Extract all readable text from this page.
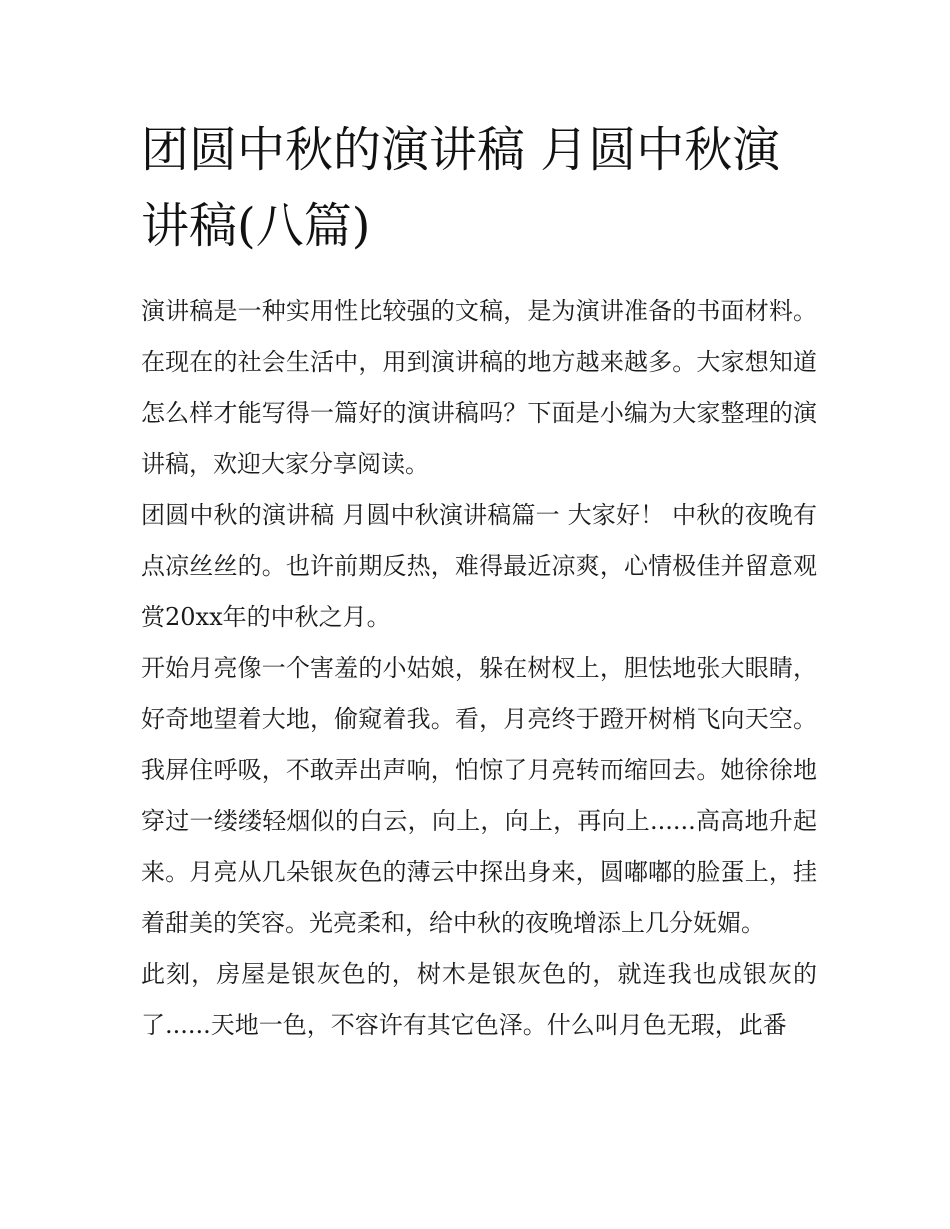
团圆中秋的演讲稿 月圆中秋演讲稿(八篇)

演讲稿是一种实用性比较强的文稿，是为演讲准备的书面材料。在现在的社会生活中，用到演讲稿的地方越来越多。大家想知道怎么样才能写得一篇好的演讲稿吗？下面是小编为大家整理的演讲稿，欢迎大家分享阅读。

团圆中秋的演讲稿 月圆中秋演讲稿篇一 大家好！ 中秋的夜晚有点凉丝丝的。也许前期反热，难得最近凉爽，心情极佳并留意观赏20xx年的中秋之月。

开始月亮像一个害羞的小姑娘，躲在树杈上，胆怯地张大眼睛，好奇地望着大地，偷窥着我。看，月亮终于蹬开树梢飞向天空。我屏住呼吸，不敢弄出声响，怕惊了月亮转而缩回去。她徐徐地穿过一缕缕轻烟似的白云，向上，向上，再向上......高高地升起来。月亮从几朵银灰色的薄云中探出身来，圆嘟嘟的脸蛋上，挂着甜美的笑容。光亮柔和，给中秋的夜晚增添上几分妩媚。

此刻，房屋是银灰色的，树木是银灰色的，就连我也成银灰的了......天地一色，不容许有其它色泽。什么叫月色无瑕，此番
